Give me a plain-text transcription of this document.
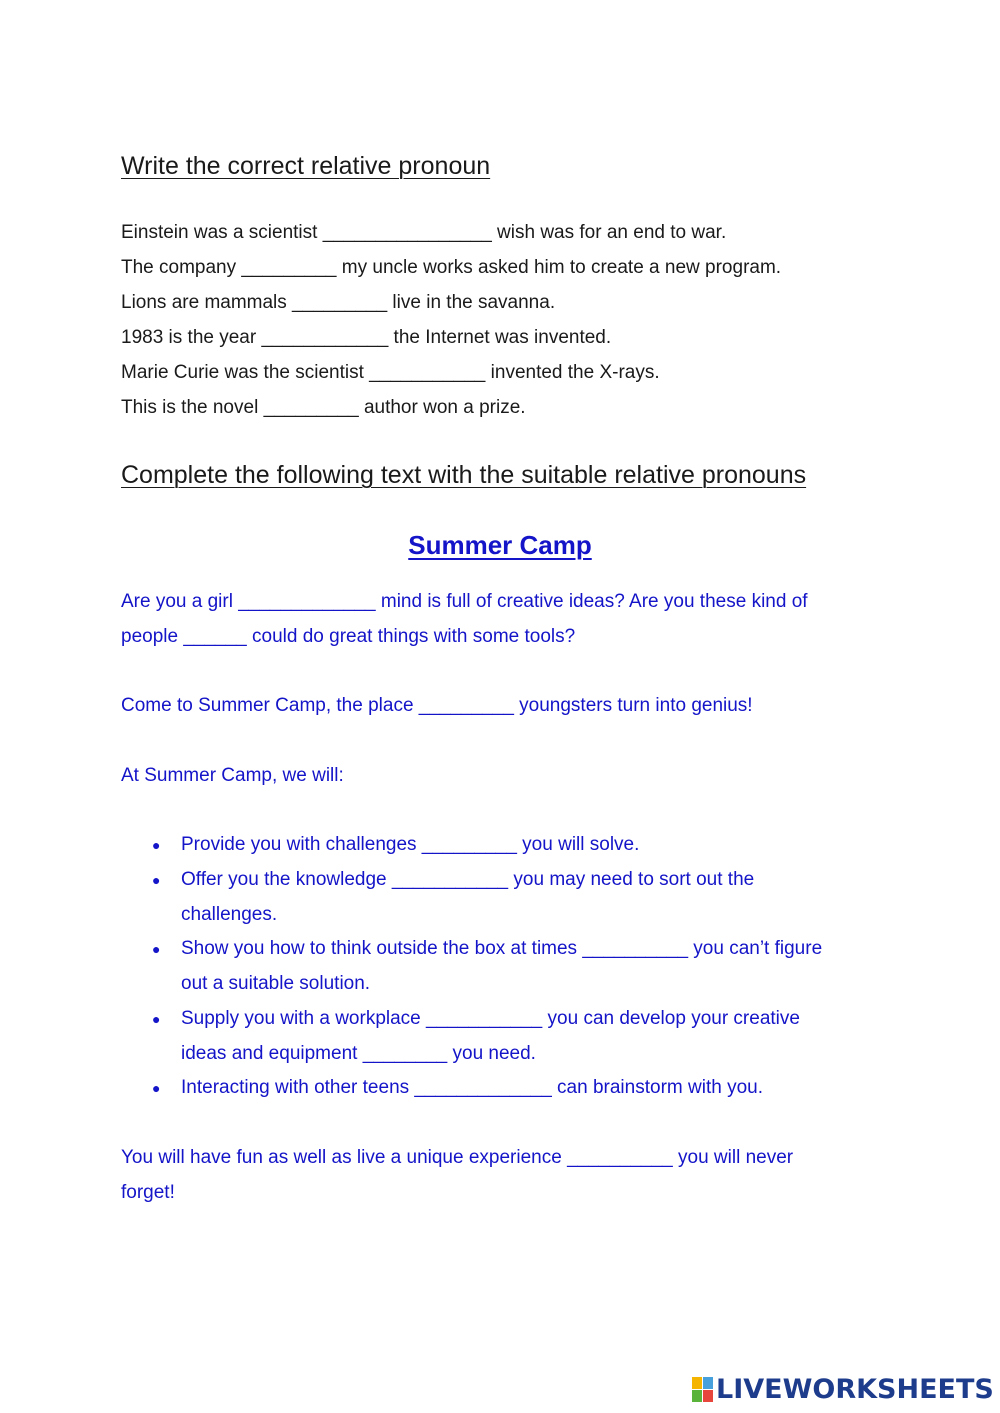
Write the correct relative pronoun
Einstein was a scientist ________________ wish was for an end to war.
The company _________ my uncle works asked him to create a new program.
Lions are mammals _________ live in the savanna.
1983 is the year ____________ the Internet was invented.
Marie Curie was the scientist ___________ invented the X-rays.
This is the novel _________ author won a prize.
Complete the following text with the suitable relative pronouns
Summer Camp
Are you a girl _____________ mind is full of creative ideas? Are you these kind of
people ______ could do great things with some tools?
Come to Summer Camp, the place _________ youngsters turn into genius!
At Summer Camp, we will:
● Provide you with challenges _________ you will solve.
● Offer you the knowledge ___________ you may need to sort out the
challenges.
● Show you how to think outside the box at times __________ you can’t figure
out a suitable solution.
● Supply you with a workplace ___________ you can develop your creative
ideas and equipment ________ you need.
● Interacting with other teens _____________ can brainstorm with you.
You will have fun as well as live a unique experience __________ you will never
forget!
LIVEWORKSHEETS
